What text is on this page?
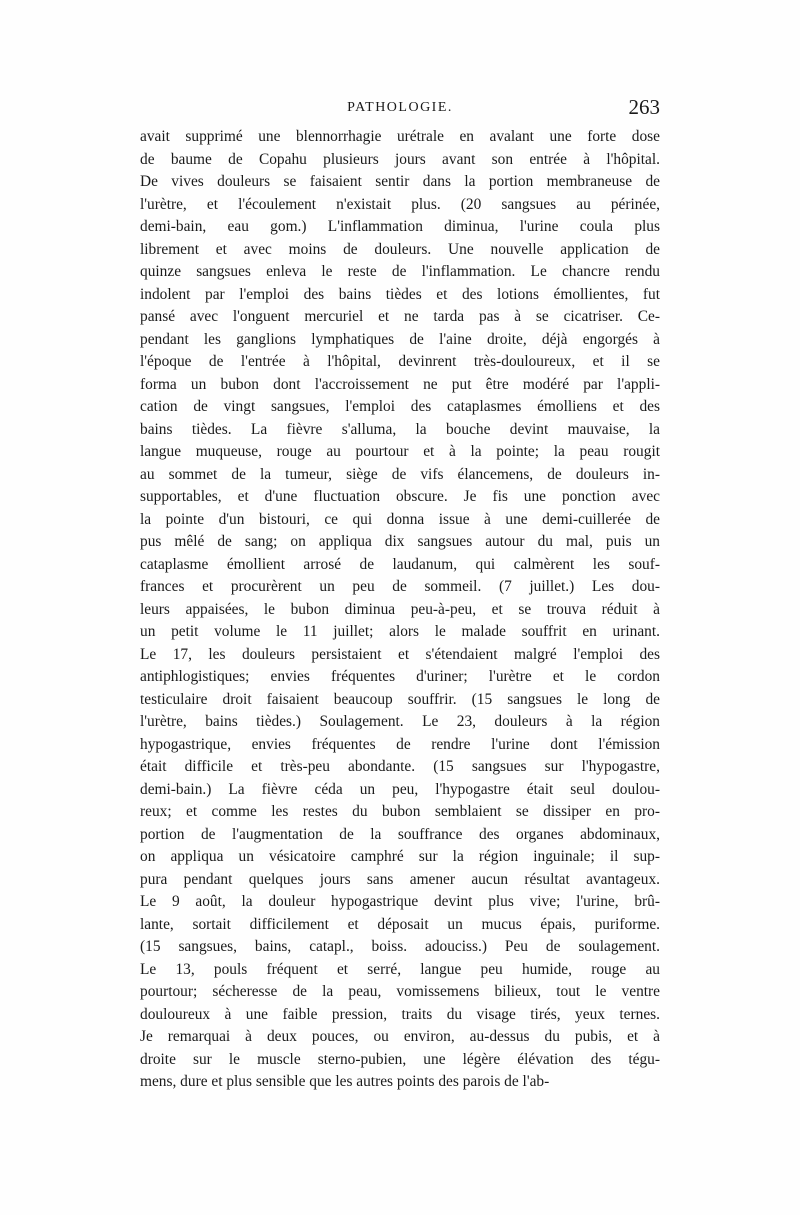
PATHOLOGIE.	263
avait supprimé une blennorrhagie urétrale en avalant une forte dose
de baume de Copahu plusieurs jours avant son entrée à l'hôpital.
De vives douleurs se faisaient sentir dans la portion membraneuse de
l'urètre, et l'écoulement n'existait plus. (20 sangsues au périnée,
demi-bain, eau gom.) L'inflammation diminua, l'urine coula plus
librement et avec moins de douleurs. Une nouvelle application de
quinze sangsues enleva le reste de l'inflammation. Le chancre rendu
indolent par l'emploi des bains tièdes et des lotions émollientes, fut
pansé avec l'onguent mercuriel et ne tarda pas à se cicatriser. Ce-
pendant les ganglions lymphatiques de l'aine droite, déjà engorgés à
l'époque de l'entrée à l'hôpital, devinrent très-douloureux, et il se
forma un bubon dont l'accroissement ne put être modéré par l'appli-
cation de vingt sangsues, l'emploi des cataplasmes émolliens et des
bains tièdes. La fièvre s'alluma, la bouche devint mauvaise, la
langue muqueuse, rouge au pourtour et à la pointe; la peau rougit
au sommet de la tumeur, siège de vifs élancemens, de douleurs in-
supportables, et d'une fluctuation obscure. Je fis une ponction avec
la pointe d'un bistouri, ce qui donna issue à une demi-cuillerée de
pus mêlé de sang; on appliqua dix sangsues autour du mal, puis un
cataplasme émollient arrosé de laudanum, qui calmèrent les souf-
frances et procurèrent un peu de sommeil. (7 juillet.) Les dou-
leurs appaisées, le bubon diminua peu-à-peu, et se trouva réduit à
un petit volume le 11 juillet; alors le malade souffrit en urinant.
Le 17, les douleurs persistaient et s'étendaient malgré l'emploi des
antiphlogistiques; envies fréquentes d'uriner; l'urètre et le cordon
testiculaire droit faisaient beaucoup souffrir. (15 sangsues le long de
l'urètre, bains tièdes.) Soulagement. Le 23, douleurs à la région
hypogastrique, envies fréquentes de rendre l'urine dont l'émission
était difficile et très-peu abondante. (15 sangsues sur l'hypogastre,
demi-bain.) La fièvre céda un peu, l'hypogastre était seul doulou-
reux; et comme les restes du bubon semblaient se dissiper en pro-
portion de l'augmentation de la souffrance des organes abdominaux,
on appliqua un vésicatoire camphré sur la région inguinale; il sup-
pura pendant quelques jours sans amener aucun résultat avantageux.
Le 9 août, la douleur hypogastrique devint plus vive; l'urine, brû-
lante, sortait difficilement et déposait un mucus épais, puriforme.
(15 sangsues, bains, catapl., boiss. adouciss.) Peu de soulagement.
Le 13, pouls fréquent et serré, langue peu humide, rouge au
pourtour; sécheresse de la peau, vomissemens bilieux, tout le ventre
douloureux à une faible pression, traits du visage tirés, yeux ternes.
Je remarquai à deux pouces, ou environ, au-dessus du pubis, et à
droite sur le muscle sterno-pubien, une légère élévation des tégu-
mens, dure et plus sensible que les autres points des parois de l'ab-
